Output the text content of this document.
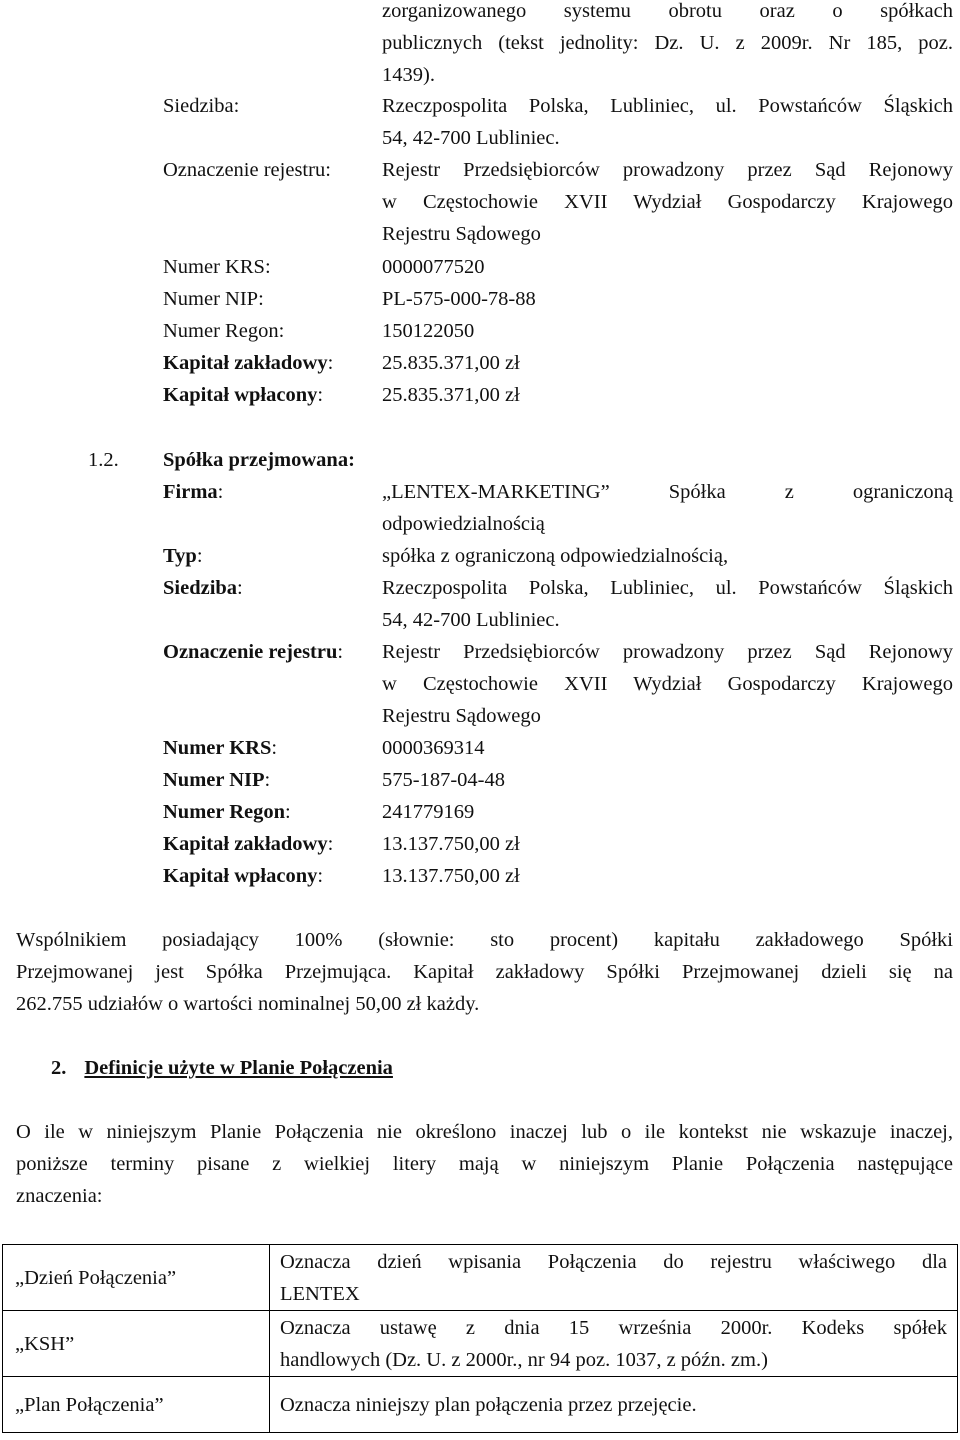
zorganizowanego systemu obrotu oraz o spółkach
publicznych (tekst jednolity: Dz. U. z 2009r. Nr 185, poz.
1439).
Siedziba:	Rzeczpospolita Polska, Lubliniec, ul. Powstańców Śląskich
54, 42-700 Lubliniec.
Oznaczenie rejestru: Rejestr Przedsiębiorców prowadzony przez Sąd Rejonowy
w Częstochowie XVII Wydział Gospodarczy Krajowego
Rejestru Sądowego
Numer KRS:	0000077520
Numer NIP:	PL-575-000-78-88
Numer Regon:	150122050
Kapitał zakładowy: 25.835.371,00 zł
Kapitał wpłacony:	25.835.371,00 zł
1.2. Spółka przejmowana:
Firma:	„LENTEX-MARKETING” Spółka z ograniczoną
odpowiedzialnością
Typ:	spółka z ograniczoną odpowiedzialnością,
Siedziba:	Rzeczpospolita Polska, Lubliniec, ul. Powstańców Śląskich
54, 42-700 Lubliniec.
Oznaczenie rejestru: Rejestr Przedsiębiorców prowadzony przez Sąd Rejonowy
w Częstochowie XVII Wydział Gospodarczy Krajowego
Rejestru Sądowego
Numer KRS:	0000369314
Numer NIP:	575-187-04-48
Numer Regon:	241779169
Kapitał zakładowy: 13.137.750,00 zł
Kapitał wpłacony:	13.137.750,00 zł
Wspólnikiem posiadający 100% (słownie: sto procent) kapitału zakładowego Spółki
Przejmowanej jest Spółka Przejmująca. Kapitał zakładowy Spółki Przejmowanej dzieli się na
262.755 udziałów o wartości nominalnej 50,00 zł każdy.
2. Definicje użyte w Planie Połączenia
O ile w niniejszym Planie Połączenia nie określono inaczej lub o ile kontekst nie wskazuje inaczej,
poniższe terminy pisane z wielkiej litery mają w niniejszym Planie Połączenia następujące
znaczenia:
„Dzień Połączenia”	Oznacza dzień wpisania Połączenia do rejestru właściwego dla
LENTEX

„KSH”	Oznacza ustawę z dnia 15 września 2000r. Kodeks spółek
handlowych (Dz. U. z 2000r., nr 94 poz. 1037, z późn. zm.)

„Plan Połączenia”	Oznacza niniejszy plan połączenia przez przejęcie.
